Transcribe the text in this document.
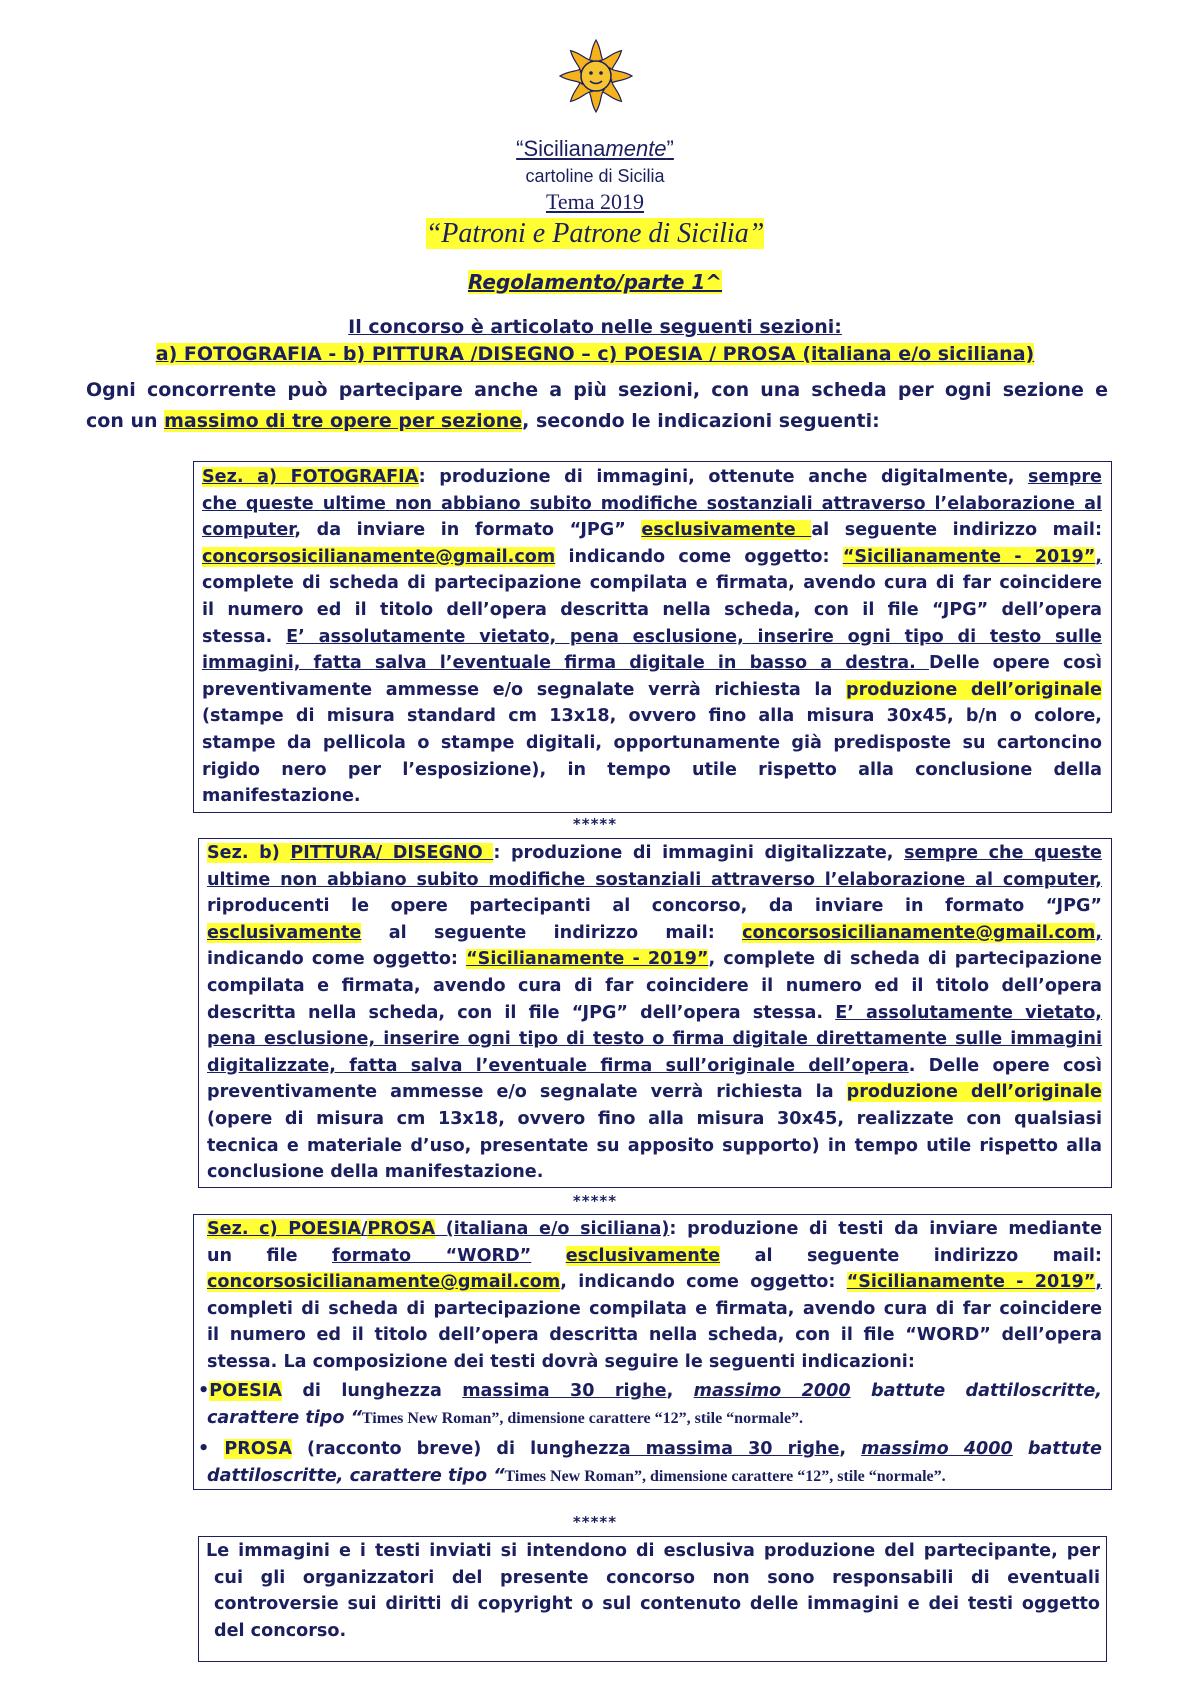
“Sicilianamente”
cartoline di Sicilia
Tema 2019
“Patroni e Patrone di Sicilia”
Regolamento/parte 1^
Il concorso è articolato nelle seguenti sezioni:
a) FOTOGRAFIA - b) PITTURA /DISEGNO – c) POESIA / PROSA (italiana e/o siciliana)
Ogni concorrente può partecipare anche a più sezioni, con una scheda per ogni sezione e
con un massimo di tre opere per sezione, secondo le indicazioni seguenti:
Sez. a) FOTOGRAFIA: produzione di immagini, ottenute anche digitalmente, sempre
che queste ultime non abbiano subito modifiche sostanziali attraverso l’elaborazione al
computer, da inviare in formato “JPG” esclusivamente al seguente indirizzo mail:
concorsosicilianamente@gmail.com indicando come oggetto: “Sicilianamente - 2019”,
complete di scheda di partecipazione compilata e firmata, avendo cura di far coincidere
il numero ed il titolo dell’opera descritta nella scheda, con il file “JPG” dell’opera
stessa. E’ assolutamente vietato, pena esclusione, inserire ogni tipo di testo sulle
immagini, fatta salva l’eventuale firma digitale in basso a destra. Delle opere così
preventivamente ammesse e/o segnalate verrà richiesta la produzione dell’originale
(stampe di misura standard cm 13x18, ovvero fino alla misura 30x45, b/n o colore,
stampe da pellicola o stampe digitali, opportunamente già predisposte su cartoncino
rigido nero per l’esposizione), in tempo utile rispetto alla conclusione della
manifestazione.
*****
Sez. b) PITTURA/ DISEGNO : produzione di immagini digitalizzate, sempre che queste
ultime non abbiano subito modifiche sostanziali attraverso l’elaborazione al computer,
riproducenti le opere partecipanti al concorso, da inviare in formato “JPG”
esclusivamente al seguente indirizzo mail: concorsosicilianamente@gmail.com,
indicando come oggetto: “Sicilianamente - 2019”, complete di scheda di partecipazione
compilata e firmata, avendo cura di far coincidere il numero ed il titolo dell’opera
descritta nella scheda, con il file “JPG” dell’opera stessa. E’ assolutamente vietato,
pena esclusione, inserire ogni tipo di testo o firma digitale direttamente sulle immagini
digitalizzate, fatta salva l’eventuale firma sull’originale dell’opera. Delle opere così
preventivamente ammesse e/o segnalate verrà richiesta la produzione dell’originale
(opere di misura cm 13x18, ovvero fino alla misura 30x45, realizzate con qualsiasi
tecnica e materiale d’uso, presentate su apposito supporto) in tempo utile rispetto alla
conclusione della manifestazione.
*****
Sez. c) POESIA/PROSA (italiana e/o siciliana): produzione di testi da inviare mediante
un file formato “WORD” esclusivamente al seguente indirizzo mail:
concorsosicilianamente@gmail.com, indicando come oggetto: “Sicilianamente - 2019”,
completi di scheda di partecipazione compilata e firmata, avendo cura di far coincidere
il numero ed il titolo dell’opera descritta nella scheda, con il file “WORD” dell’opera
stessa. La composizione dei testi dovrà seguire le seguenti indicazioni:
•POESIA di lunghezza massima 30 righe, massimo 2000 battute dattiloscritte,
carattere tipo “Times New Roman”, dimensione carattere “12”, stile “normale”.
• PROSA (racconto breve) di lunghezza massima 30 righe, massimo 4000 battute
dattiloscritte, carattere tipo “Times New Roman”, dimensione carattere “12”, stile “normale”.
*****
Le immagini e i testi inviati si intendono di esclusiva produzione del partecipante, per
cui gli organizzatori del presente concorso non sono responsabili di eventuali
controversie sui diritti di copyright o sul contenuto delle immagini e dei testi oggetto
del concorso.
